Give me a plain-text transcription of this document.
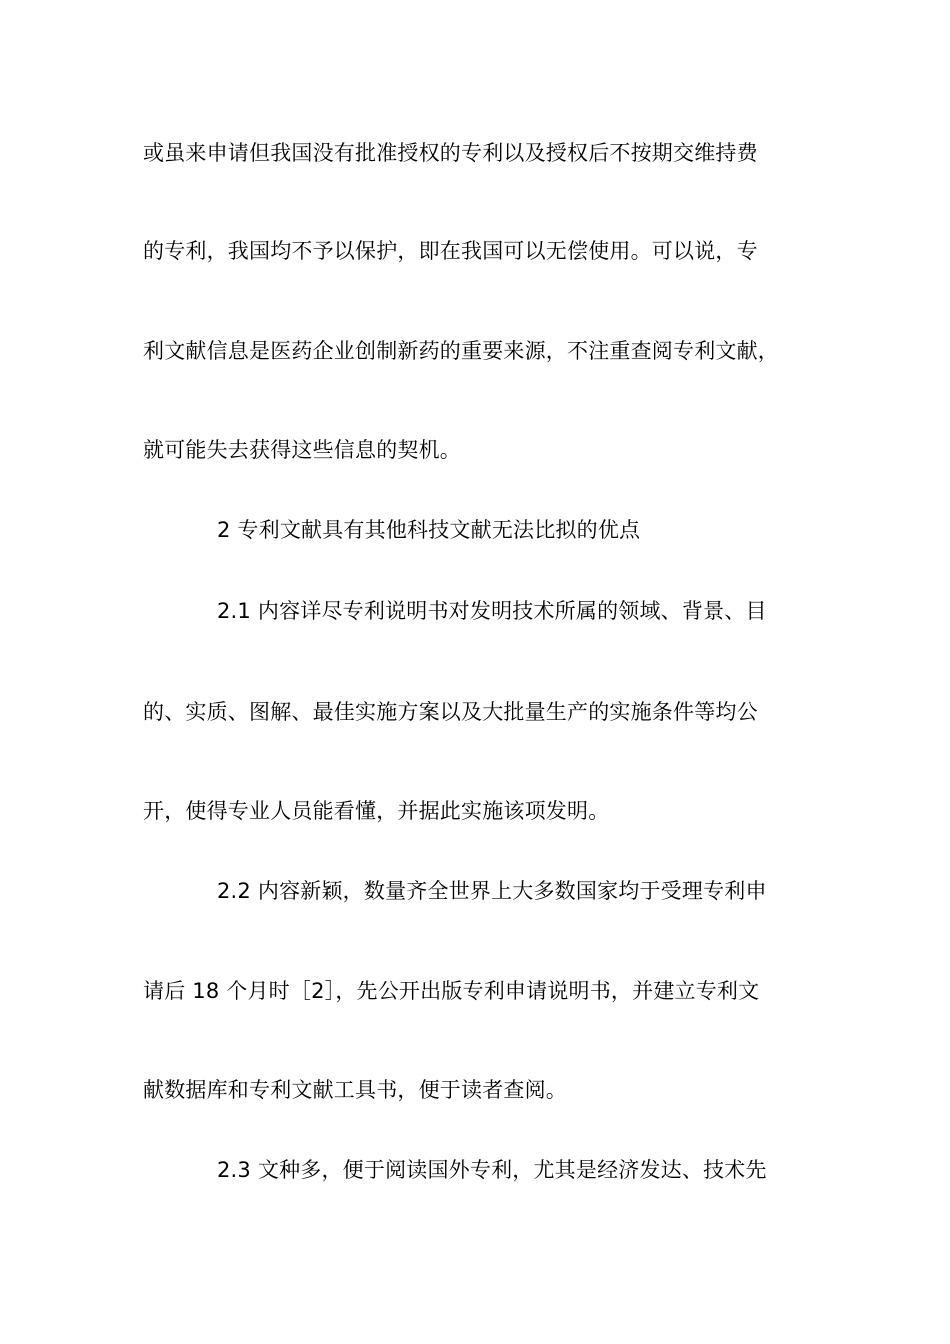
或虽来申请但我国没有批准授权的专利以及授权后不按期交维持费
的专利，我国均不予以保护，即在我国可以无偿使用。可以说，专
利文献信息是医药企业创制新药的重要来源，不注重查阅专利文献，
就可能失去获得这些信息的契机。
2 专利文献具有其他科技文献无法比拟的优点
2.1 内容详尽专利说明书对发明技术所属的领域、背景、目
的、实质、图解、最佳实施方案以及大批量生产的实施条件等均公
开，使得专业人员能看懂，并据此实施该项发明。
2.2 内容新颖，数量齐全世界上大多数国家均于受理专利申
请后 18 个月时［2］，先公开出版专利申请说明书，并建立专利文
献数据库和专利文献工具书，便于读者查阅。
2.3 文种多，便于阅读国外专利，尤其是经济发达、技术先
